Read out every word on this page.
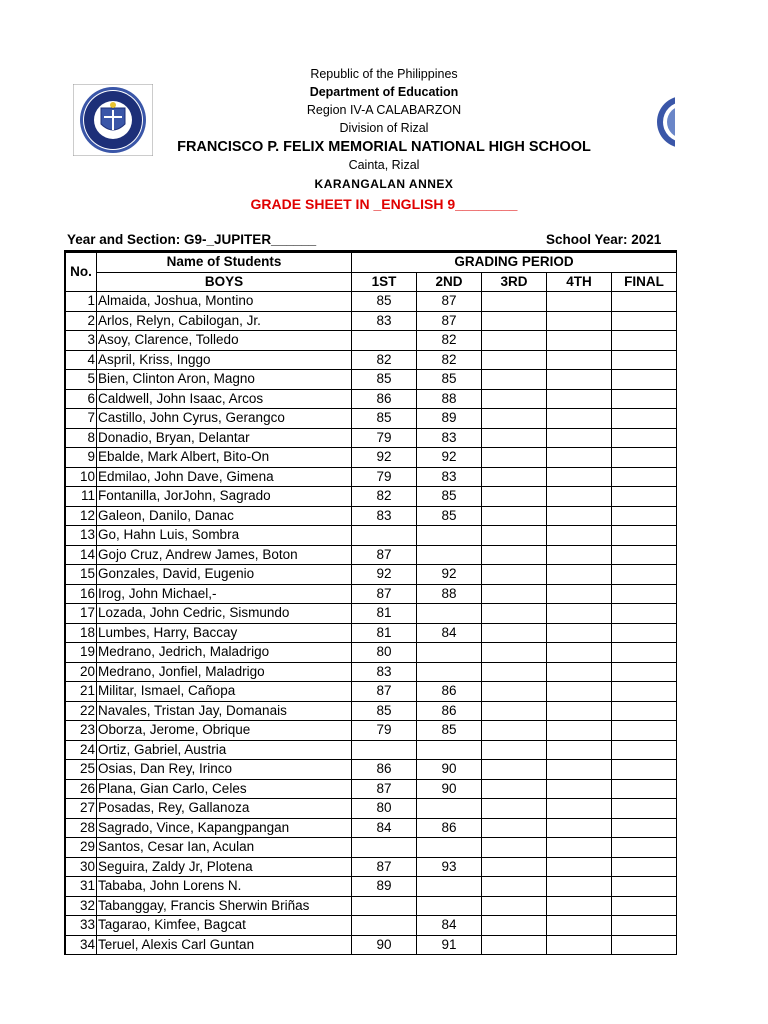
Republic of the Philippines
Department of Education
Region IV-A CALABARZON
Division of Rizal
FRANCISCO P. FELIX MEMORIAL NATIONAL HIGH SCHOOL
Cainta, Rizal
KARANGALAN ANNEX
GRADE SHEET IN _ENGLISH 9________
Year and Section: G9-_JUPITER______	School Year: 2021
No.	Name of Students	GRADING PERIOD				
	BOYS	1ST	2ND	3RD	4TH	FINAL
1	Almaida, Joshua, Montino	85	87			
2	Arlos, Relyn, Cabilogan, Jr.	83	87			
3	Asoy, Clarence, Tolledo		82			
4	Aspril, Kriss, Inggo	82	82			
5	Bien, Clinton Aron, Magno	85	85			
6	Caldwell, John Isaac, Arcos	86	88			
7	Castillo, John Cyrus, Gerangco	85	89			
8	Donadio, Bryan, Delantar	79	83			
9	Ebalde, Mark Albert, Bito-On	92	92			
10	Edmilao, John Dave, Gimena	79	83			
11	Fontanilla, JorJohn, Sagrado	82	85			
12	Galeon, Danilo, Danac	83	85			
13	Go, Hahn Luis, Sombra					
14	Gojo Cruz, Andrew James, Boton	87				
15	Gonzales, David, Eugenio	92	92			
16	Irog, John Michael,-	87	88			
17	Lozada, John Cedric, Sismundo	81				
18	Lumbes, Harry, Baccay	81	84			
19	Medrano, Jedrich, Maladrigo	80				
20	Medrano, Jonfiel, Maladrigo	83				
21	Militar, Ismael, Cañopa	87	86			
22	Navales, Tristan Jay, Domanais	85	86			
23	Oborza, Jerome, Obrique	79	85			
24	Ortiz, Gabriel, Austria					
25	Osias, Dan Rey, Irinco	86	90			
26	Plana, Gian Carlo, Celes	87	90			
27	Posadas, Rey, Gallanoza	80				
28	Sagrado, Vince, Kapangpangan	84	86			
29	Santos, Cesar Ian, Aculan					
30	Seguira, Zaldy Jr, Plotena	87	93			
31	Tababa, John Lorens N.	89				
32	Tabanggay, Francis Sherwin Briñas					
33	Tagarao, Kimfee, Bagcat		84			
34	Teruel, Alexis Carl Guntan	90	91			
